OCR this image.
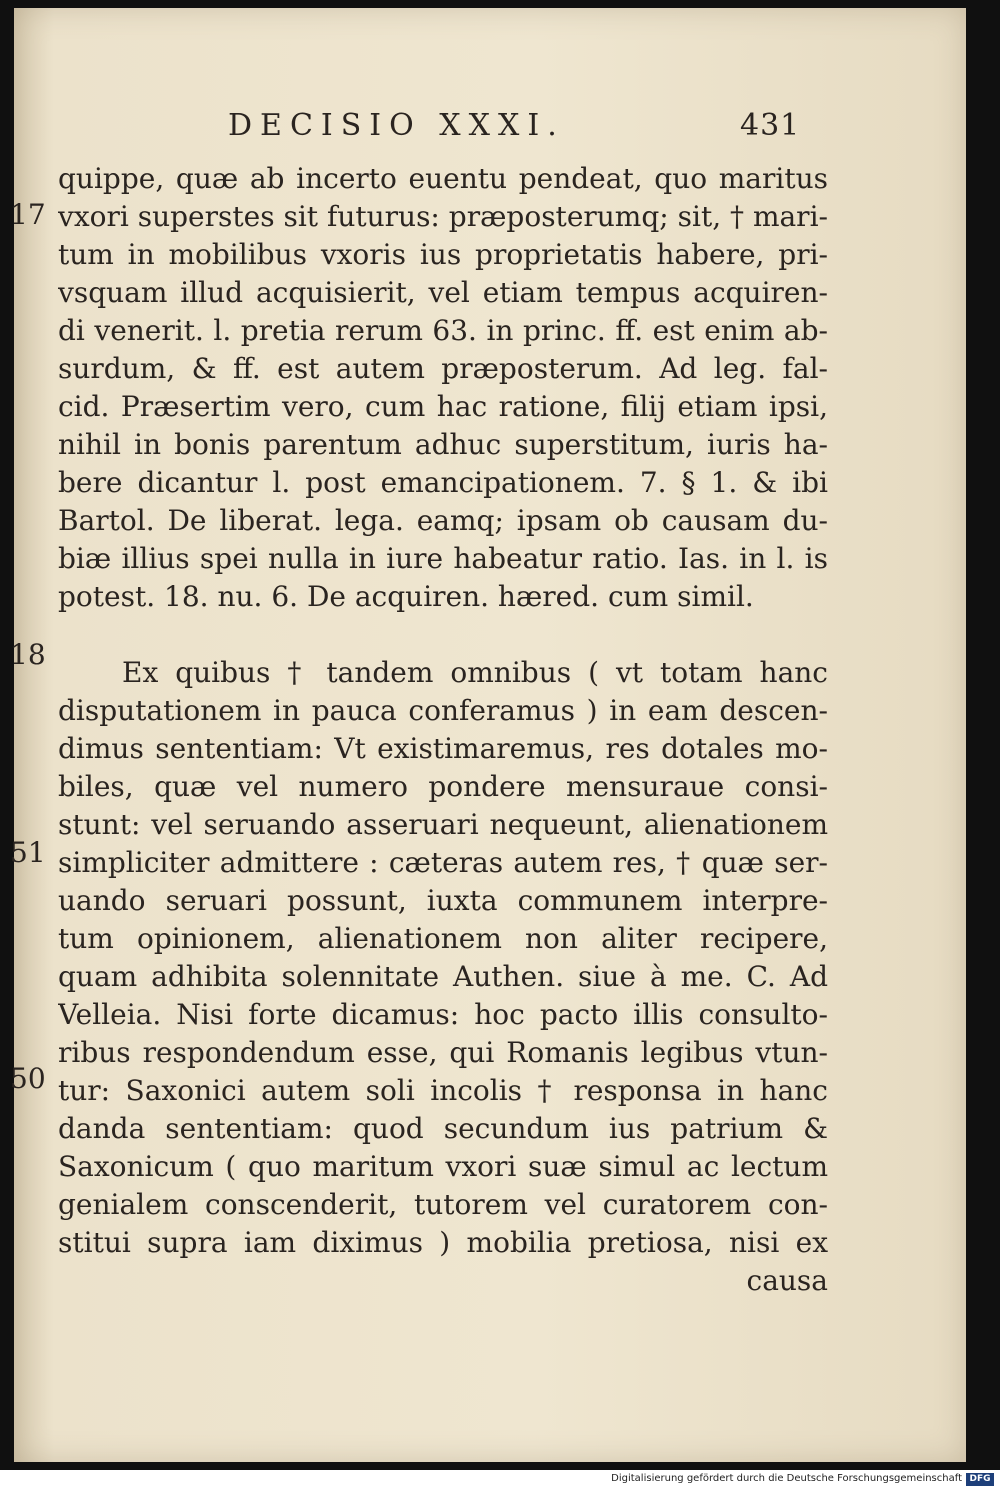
DECISIO XXXI.	431
17
18
51
50
quippe, quæ ab incerto euentu pendeat, quo maritus
vxori superstes sit futurus: præposterumq; sit, † mari-
tum in mobilibus vxoris ius proprietatis habere, pri-
vsquam illud acquisierit, vel etiam tempus acquiren-
di venerit. l. pretia rerum 63. in princ. ff. est enim ab-
surdum, & ff. est autem præposterum. Ad leg. fal-
cid. Præsertim vero, cum hac ratione, filij etiam ipsi,
nihil in bonis parentum adhuc superstitum, iuris ha-
bere dicantur l. post emancipationem. 7. § 1. & ibi
Bartol. De liberat. lega. eamq; ipsam ob causam du-
biæ illius spei nulla in iure habeatur ratio. Ias. in l. is
potest. 18. nu. 6. De acquiren. hæred. cum simil.
Ex quibus † tandem omnibus ( vt totam hanc
disputationem in pauca conferamus ) in eam descen-
dimus sententiam: Vt existimaremus, res dotales mo-
biles, quæ vel numero pondere mensuraue consi-
stunt: vel seruando asseruari nequeunt, alienationem
simpliciter admittere : cæteras autem res, † quæ ser-
uando seruari possunt, iuxta communem interpre-
tum opinionem, alienationem non aliter recipere,
quam adhibita solennitate Authen. siue à me. C. Ad
Velleia. Nisi forte dicamus: hoc pacto illis consulto-
ribus respondendum esse, qui Romanis legibus vtun-
tur: Saxonici autem soli incolis † responsa in hanc
danda sententiam: quod secundum ius patrium &
Saxonicum ( quo maritum vxori suæ simul ac lectum
genialem conscenderit, tutorem vel curatorem con-
stitui supra iam diximus ) mobilia pretiosa, nisi ex
causa
Digitalisierung gefördert durch die Deutsche Forschungsgemeinschaft DFG
